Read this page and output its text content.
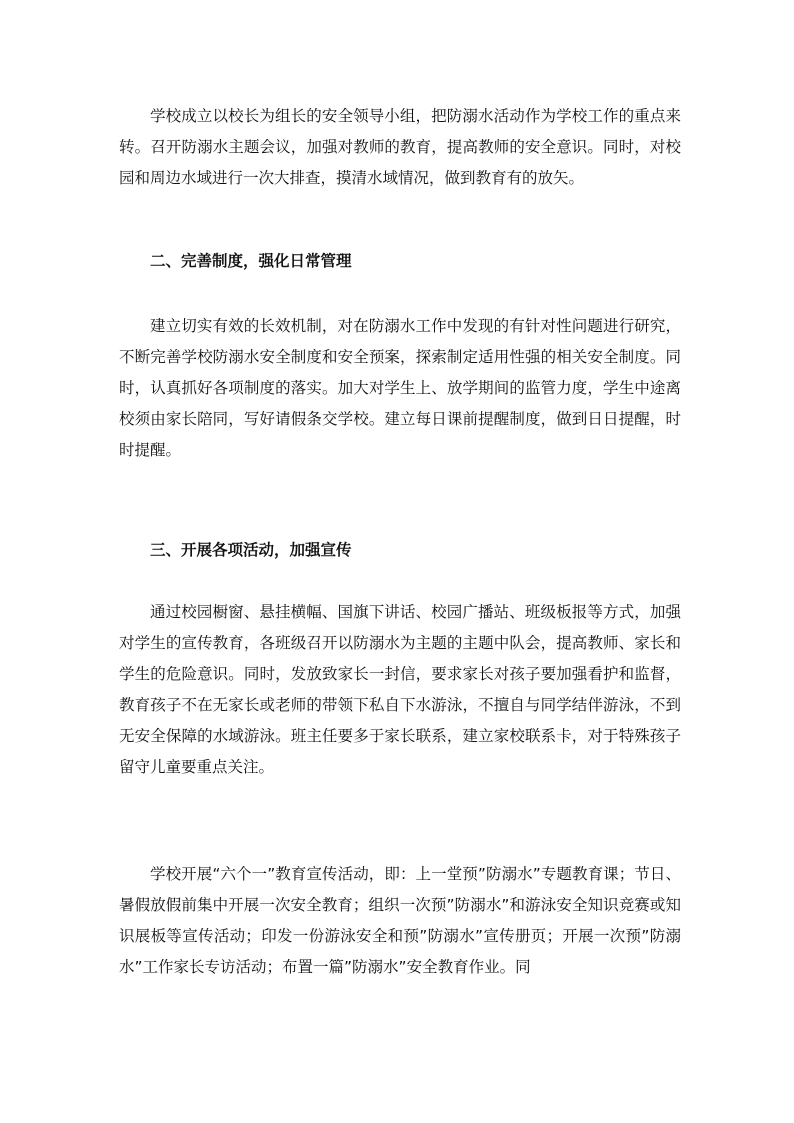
学校成立以校长为组长的安全领导小组，把防溺水活动作为学校工作的重点来转。召开防溺水主题会议，加强对教师的教育，提高教师的安全意识。同时，对校园和周边水域进行一次大排查，摸清水域情况，做到教育有的放矢。

二、完善制度，强化日常管理

建立切实有效的长效机制，对在防溺水工作中发现的有针对性问题进行研究，不断完善学校防溺水安全制度和安全预案，探索制定适用性强的相关安全制度。同时，认真抓好各项制度的落实。加大对学生上、放学期间的监管力度，学生中途离校须由家长陪同，写好请假条交学校。建立每日课前提醒制度，做到日日提醒，时时提醒。

三、开展各项活动，加强宣传

通过校园橱窗、悬挂横幅、国旗下讲话、校园广播站、班级板报等方式，加强对学生的宣传教育，各班级召开以防溺水为主题的主题中队会，提高教师、家长和学生的危险意识。同时，发放致家长一封信，要求家长对孩子要加强看护和监督，教育孩子不在无家长或老师的带领下私自下水游泳，不擅自与同学结伴游泳，不到无安全保障的水域游泳。班主任要多于家长联系，建立家校联系卡，对于特殊孩子留守儿童要重点关注。

学校开展“六个一”教育宣传活动，即：上一堂预”防溺水”专题教育课；节日、暑假放假前集中开展一次安全教育；组织一次预”防溺水”和游泳安全知识竞赛或知识展板等宣传活动；印发一份游泳安全和预”防溺水”宣传册页；开展一次预”防溺水”工作家长专访活动；布置一篇”防溺水”安全教育作业。同
